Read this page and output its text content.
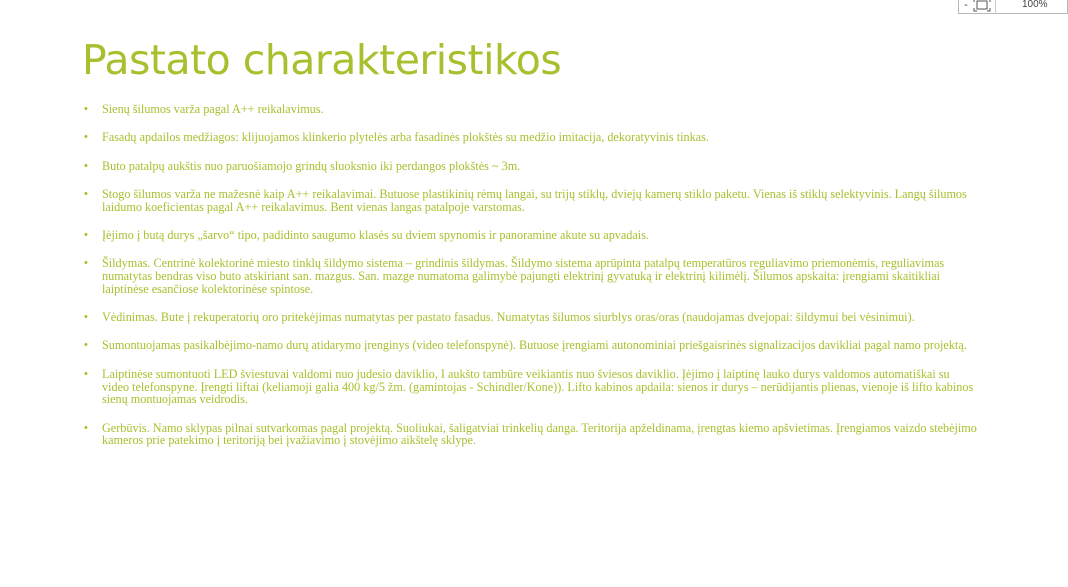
-	100%
Pastato charakteristikos
• Sienų šilumos varža pagal A++ reikalavimus.
• Fasadų apdailos medžiagos: klijuojamos klinkerio plytelės arba fasadinės plokštės su medžio imitacija, dekoratyvinis tinkas.
• Buto patalpų aukštis nuo paruošiamojo grindų sluoksnio iki perdangos plokštės ~ 3m.
• Stogo šilumos varža ne mažesnė kaip A++ reikalavimai. Butuose plastikinių rėmų langai, su trijų stiklų, dviejų kamerų stiklo paketu. Vienas iš stiklų selektyvinis. Langų šilumos laidumo koeficientas pagal A++ reikalavimus. Bent vienas langas patalpoje varstomas.
• Įėjimo į butą durys „šarvo“ tipo, padidinto saugumo klasės su dviem spynomis ir panoramine akute su apvadais.
• Šildymas. Centrinė kolektorinė miesto tinklų šildymo sistema – grindinis šildymas. Šildymo sistema aprūpinta patalpų temperatūros reguliavimo priemonėmis, reguliavimas numatytas bendras viso buto atskiriant san. mazgus. San. mazge numatoma galimybė pajungti elektrinį gyvatuką ir elektrinį kilimėlį. Šilumos apskaita: įrengiami skaitikliai laiptinėse esančiose kolektorinėse spintose.
• Vėdinimas. Bute į rekuperatorių oro pritekėjimas numatytas per pastato fasadus. Numatytas šilumos siurblys oras/oras (naudojamas dvejopai: šildymui bei vėsinimui).
• Sumontuojamas pasikalbėjimo-namo durų atidarymo įrenginys (video telefonspynė). Butuose įrengiami autonominiai priešgaisrinės signalizacijos davikliai pagal namo projektą.
• Laiptinėse sumontuoti LED šviestuvai valdomi nuo judesio daviklio, I aukšto tambūre veikiantis nuo šviesos daviklio. Įėjimo į laiptinę lauko durys valdomos automatiškai su video telefonspyne. Įrengti liftai (keliamoji galia 400 kg/5 žm. (gamintojas - Schindler/Kone)). Lifto kabinos apdaila: sienos ir durys – nerūdijantis plienas, vienoje iš lifto kabinos sienų montuojamas veidrodis.
• Gerbūvis. Namo sklypas pilnai sutvarkomas pagal projektą. Suoliukai, šaligatviai trinkelių danga. Teritorija apželdinama, įrengtas kiemo apšvietimas. Įrengiamos vaizdo stebėjimo kameros prie patekimo į teritoriją bei įvažiavimo į stovėjimo aikštelę sklype.
